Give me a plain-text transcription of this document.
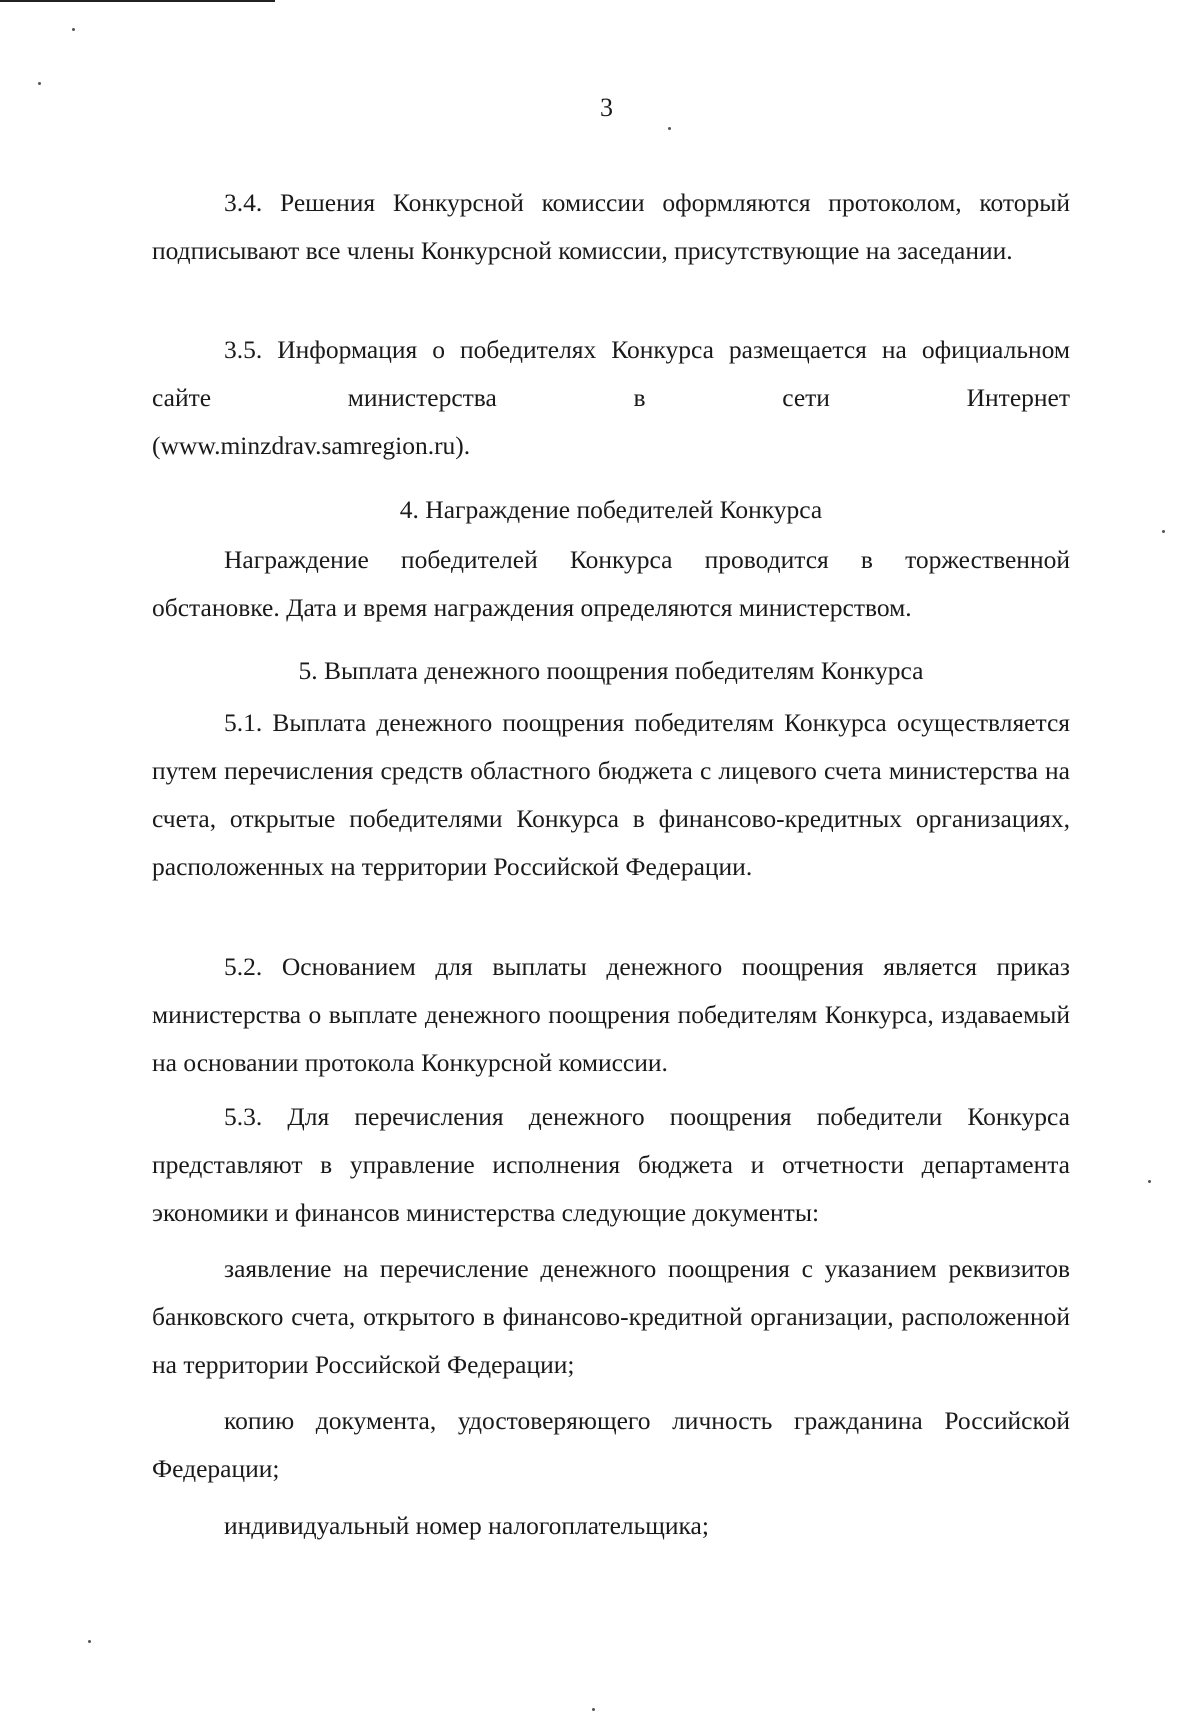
3

3.4. Решения Конкурсной комиссии оформляются протоколом, который подписывают все члены Конкурсной комиссии, присутствующие на заседании.

3.5. Информация о победителях Конкурса размещается на официальном сайте министерства в сети Интернет

(www.minzdrav.samregion.ru).

4. Награждение победителей Конкурса

Награждение победителей Конкурса проводится в торжественной обстановке. Дата и время награждения определяются министерством.

5. Выплата денежного поощрения победителям Конкурса

5.1. Выплата денежного поощрения победителям Конкурса осуществляется путем перечисления средств областного бюджета с лицевого счета министерства на счета, открытые победителями Конкурса в финансово-кредитных организациях, расположенных на территории Российской Федерации.

5.2. Основанием для выплаты денежного поощрения является приказ министерства о выплате денежного поощрения победителям Конкурса, издаваемый на основании протокола Конкурсной комиссии.

5.3. Для перечисления денежного поощрения победители Конкурса представляют в управление исполнения бюджета и отчетности департамента экономики и финансов министерства следующие документы:

заявление на перечисление денежного поощрения с указанием реквизитов банковского счета, открытого в финансово-кредитной организации, расположенной на территории Российской Федерации;

копию документа, удостоверяющего личность гражданина Российской Федерации;

индивидуальный номер налогоплательщика;
